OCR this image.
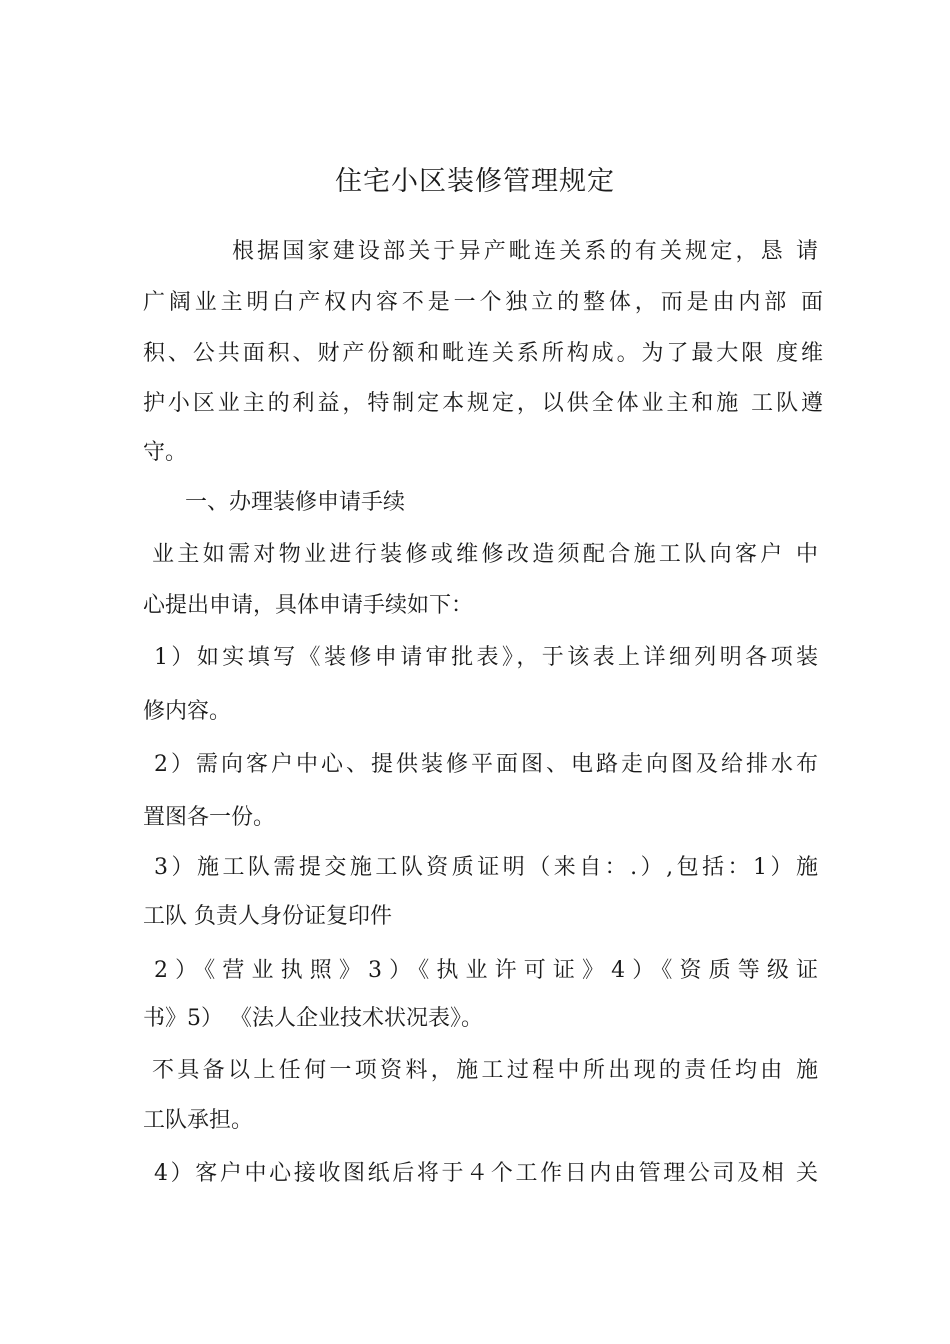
住宅小区装修管理规定
根据国家建设部关于异产毗连关系的有关规定，恳 请
广阔业主明白产权内容不是一个独立的整体，而是由内部 面
积、公共面积、财产份额和毗连关系所构成。为了最大限 度维
护小区业主的利益，特制定本规定，以供全体业主和施 工队遵
守。
一、办理装修申请手续
业主如需对物业进行装修或维修改造须配合施工队向客户 中
心提出申请，具体申请手续如下：
1）如实填写《装修申请审批表》，于该表上详细列明各项装
修内容。
2）需向客户中心、提供装修平面图、电路走向图及给排水布
置图各一份。
3）施工队需提交施工队资质证明（来自：.）,包括：1）施
工队 负责人身份证复印件
2）《营业执照》3）《执业许可证》4）《资质等级证
书》5） 《法人企业技术状况表》。
不具备以上任何一项资料，施工过程中所出现的责任均由 施
工队承担。
4）客户中心接收图纸后将于４个工作日内由管理公司及相 关
